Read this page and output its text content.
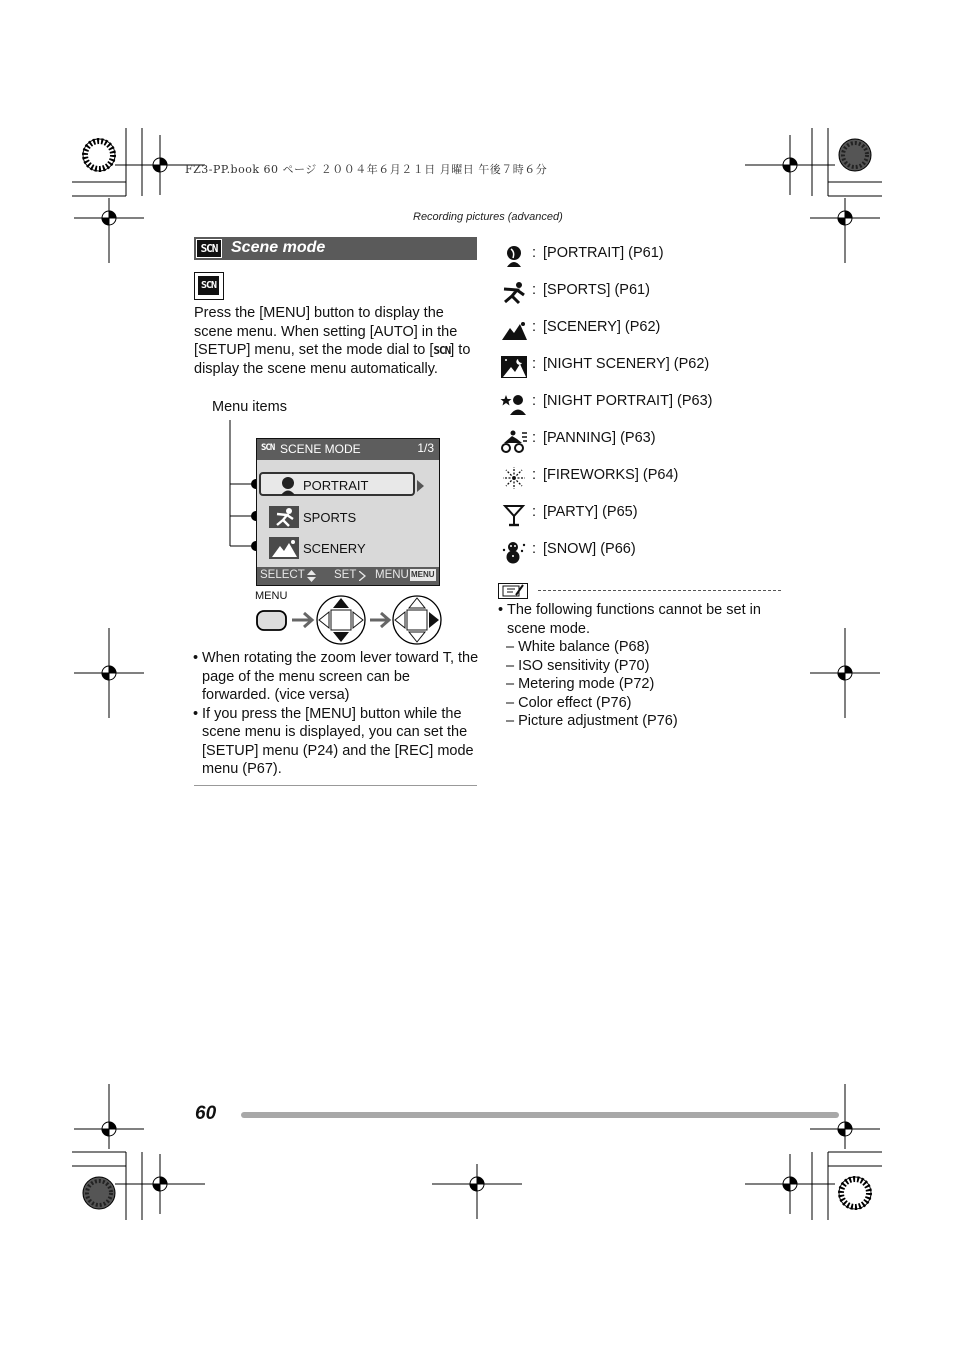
FZ3-PP.book 60 ページ ２００４年６月２１日 月曜日 午後７時６分
Recording pictures (advanced)
SCN Scene mode
SCN
Press the [MENU] button to display the scene menu. When setting [AUTO] in the [SETUP] menu, set the mode dial to [SCN] to display the scene menu automatically.
Menu items
SCN SCENE MODE	1/3
PORTRAIT
SPORTS
SCENERY
SELECT	SET MENU MENU
MENU
• When rotating the zoom lever toward T, the page of the menu screen can be forwarded. (vice versa)
• If you press the [MENU] button while the scene menu is displayed, you can set the [SETUP] menu (P24) and the [REC] mode menu (P67).
: [PORTRAIT] (P61)
: [SPORTS] (P61)
: [SCENERY] (P62)
: [NIGHT SCENERY] (P62)
: [NIGHT PORTRAIT] (P63)
: [PANNING] (P63)
: [FIREWORKS] (P64)
: [PARTY] (P65)
: [SNOW] (P66)
• The following functions cannot be set in scene mode.
– White balance (P68)
– ISO sensitivity (P70)
– Metering mode (P72)
– Color effect (P76)
– Picture adjustment (P76)
60
